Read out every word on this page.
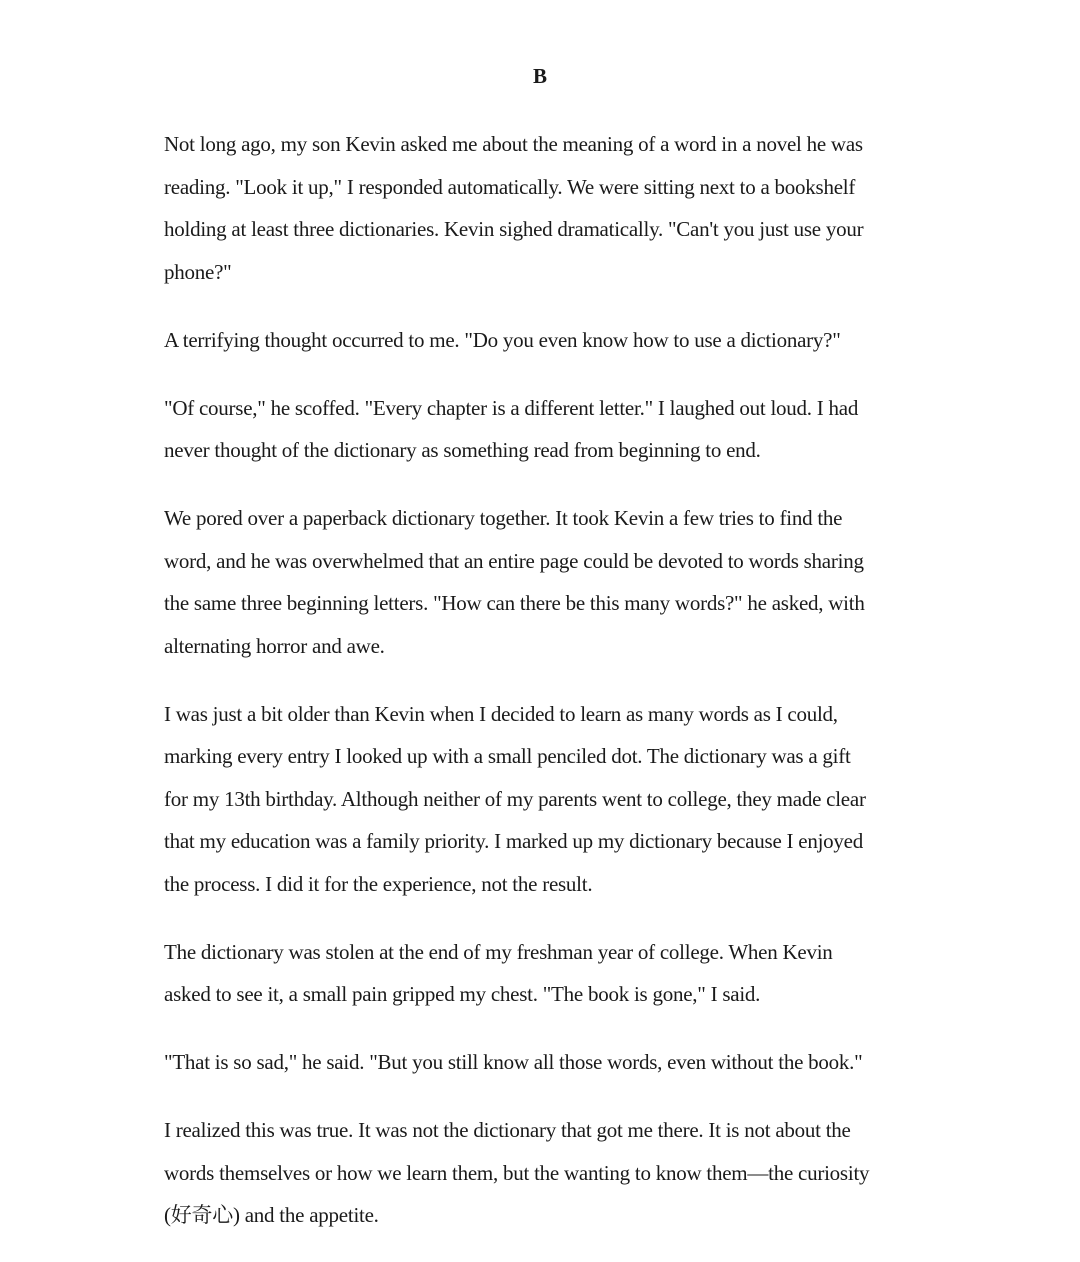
B

Not long ago, my son Kevin asked me about the meaning of a word in a novel he was
reading. "Look it up," I responded automatically. We were sitting next to a bookshelf
holding at least three dictionaries. Kevin sighed dramatically. "Can't you just use your
phone?"

A terrifying thought occurred to me. "Do you even know how to use a dictionary?"

"Of course," he scoffed. "Every chapter is a different letter." I laughed out loud. I had
never thought of the dictionary as something read from beginning to end.

We pored over a paperback dictionary together. It took Kevin a few tries to find the
word, and he was overwhelmed that an entire page could be devoted to words sharing
the same three beginning letters. "How can there be this many words?" he asked, with
alternating horror and awe.

I was just a bit older than Kevin when I decided to learn as many words as I could,
marking every entry I looked up with a small penciled dot. The dictionary was a gift
for my 13th birthday. Although neither of my parents went to college, they made clear
that my education was a family priority. I marked up my dictionary because I enjoyed
the process. I did it for the experience, not the result.

The dictionary was stolen at the end of my freshman year of college. When Kevin
asked to see it, a small pain gripped my chest. "The book is gone," I said.

"That is so sad," he said. "But you still know all those words, even without the book."

I realized this was true. It was not the dictionary that got me there. It is not about the
words themselves or how we learn them, but the wanting to know them—the curiosity
(好奇心) and the appetite.
